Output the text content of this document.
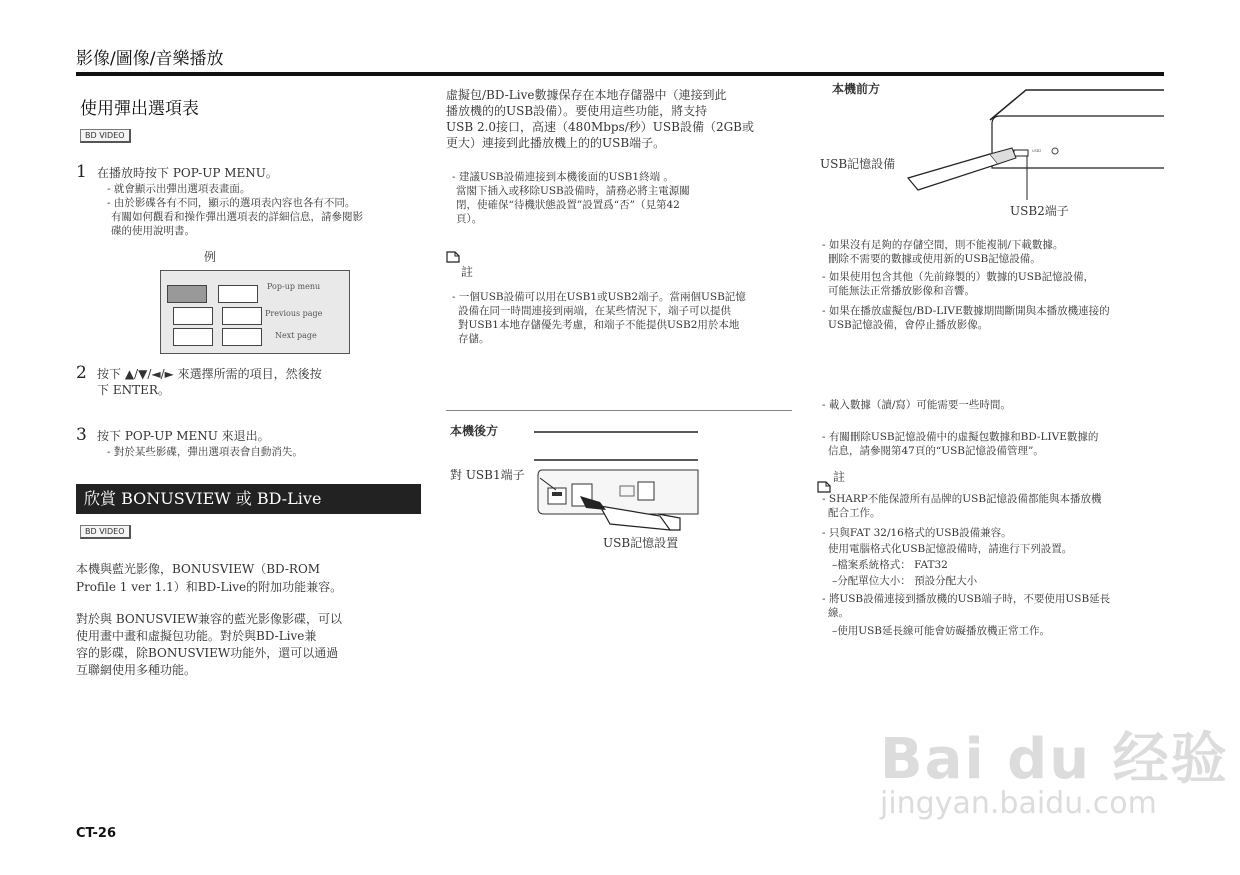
影像/圖像/音樂播放
使用彈出選項表
BD VIDEO
1 在播放時按下 POP-UP MENU。
- 就會顯示出彈出選項表畫面。
- 由於影碟各有不同，顯示的選項表內容也各有不同。
有關如何觀看和操作彈出選項表的詳細信息，請參閱影
碟的使用說明書。
例
Pop-up menu
Previous page
Next page
2 按下 ▲/▼/◄/► 來選擇所需的項目，然後按
下 ENTER。
3 按下 POP-UP MENU 來退出。
- 對於某些影碟，彈出選項表會自動消失。
欣賞 BONUSVIEW 或 BD-Live
BD VIDEO
本機與藍光影像，BONUSVIEW（BD-ROM
Profile 1 ver 1.1）和BD-Live的附加功能兼容。
對於與 BONUSVIEW兼容的藍光影像影碟，可以
使用畫中畫和虛擬包功能。對於與BD-Live兼
容的影碟，除BONUSVIEW功能外，還可以通過
互聯網使用多種功能。
虛擬包/BD-Live數據保存在本地存儲器中（連接到此
播放機的的USB設備）。要使用這些功能，將支持
USB 2.0接口，高速（480Mbps/秒）USB設備（2GB或
更大）連接到此播放機上的的USB端子。
- 建議USB設備連接到本機後面的USB1終端 。
當閣下插入或移除USB設備時，請務必將主電源關
閉，使確保“待機狀態設置”設置爲“否”（見第42
頁）。
註
- 一個USB設備可以用在USB1或USB2端子。當兩個USB記憶
設備在同一時間連接到兩端，在某些情況下，端子可以提供
對USB1本地存儲優先考慮，和端子不能提供USB2用於本地
存儲。
本機後方
對 USB1端子
USB記憶設置
本機前方
USB記憶設備
USB2
USB2端子
- 如果沒有足夠的存儲空間，則不能複制/下載數據。
刪除不需要的數據或使用新的USB記憶設備。
- 如果使用包含其他（先前錄製的）數據的USB記憶設備，
可能無法正常播放影像和音響。
- 如果在播放虛擬包/BD-LIVE數據期間斷開與本播放機連接的
USB記憶設備，會停止播放影像。
- 載入數據（讀/寫）可能需要一些時間。
- 有關刪除USB記憶設備中的虛擬包數據和BD-LIVE數據的
信息，請參閱第47頁的“USB記憶設備管理”。
註
- SHARP不能保證所有品牌的USB記憶設備都能與本播放機
配合工作。
- 只與FAT 32/16格式的USB設備兼容。
使用電腦格式化USB記憶設備時，請進行下列設置。
–檔案系統格式： FAT32
–分配單位大小： 預設分配大小
- 將USB設備連接到播放機的USB端子時，不要使用USB延長
線。
–使用USB延長線可能會妨礙播放機正常工作。
Bai du 经验
jingyan.baidu.com
CT-26
